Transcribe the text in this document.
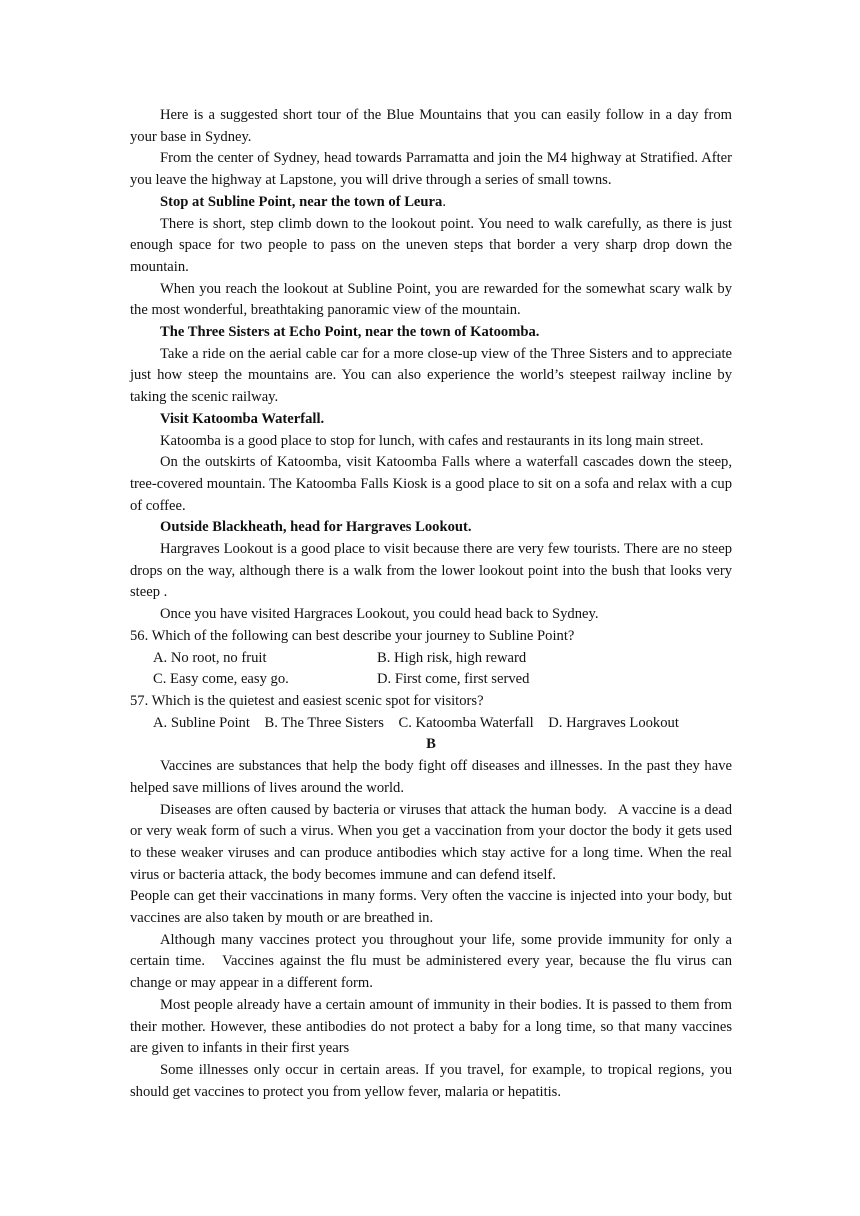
Here is a suggested short tour of the Blue Mountains that you can easily follow in a day from your base in Sydney.

From the center of Sydney, head towards Parramatta and join the M4 highway at Stratified. After you leave the highway at Lapstone, you will drive through a series of small towns.

Stop at Subline Point, near the town of Leura.

There is short, step climb down to the lookout point. You need to walk carefully, as there is just enough space for two people to pass on the uneven steps that border a very sharp drop down the mountain.

When you reach the lookout at Subline Point, you are rewarded for the somewhat scary walk by the most wonderful, breathtaking panoramic view of the mountain.

The Three Sisters at Echo Point, near the town of Katoomba.

Take a ride on the aerial cable car for a more close-up view of the Three Sisters and to appreciate just how steep the mountains are. You can also experience the world’s steepest railway incline by taking the scenic railway.

Visit Katoomba Waterfall.

Katoomba is a good place to stop for lunch, with cafes and restaurants in its long main street.

On the outskirts of Katoomba, visit Katoomba Falls where a waterfall cascades down the steep, tree-covered mountain. The Katoomba Falls Kiosk is a good place to sit on a sofa and relax with a cup of coffee.

Outside Blackheath, head for Hargraves Lookout.

Hargraves Lookout is a good place to visit because there are very few tourists. There are no steep drops on the way, although there is a walk from the lower lookout point into the bush that looks very steep .

Once you have visited Hargraces Lookout, you could head back to Sydney.

56. Which of the following can best describe your journey to Subline Point?

A. No root, no fruit	B. High risk, high reward
C. Easy come, easy go.	D. First come, first served

57. Which is the quietest and easiest scenic spot for visitors?

A. Subline Point    B. The Three Sisters    C. Katoomba Waterfall    D. Hargraves Lookout

B

Vaccines are substances that help the body fight off diseases and illnesses. In the past they have helped save millions of lives around the world.

Diseases are often caused by bacteria or viruses that attack the human body.   A vaccine is a dead or very weak form of such a virus. When you get a vaccination from your doctor the body it gets used to these weaker viruses and can produce antibodies which stay active for a long time. When the real virus or bacteria attack, the body becomes immune and can defend itself.

People can get their vaccinations in many forms. Very often the vaccine is injected into your body, but vaccines are also taken by mouth or are breathed in.

Although many vaccines protect you throughout your life, some provide immunity for only a certain time.   Vaccines against the flu must be administered every year, because the flu virus can change or may appear in a different form.

Most people already have a certain amount of immunity in their bodies. It is passed to them from their mother. However, these antibodies do not protect a baby for a long time, so that many vaccines are given to infants in their first years

Some illnesses only occur in certain areas. If you travel, for example, to tropical regions, you should get vaccines to protect you from yellow fever, malaria or hepatitis.
